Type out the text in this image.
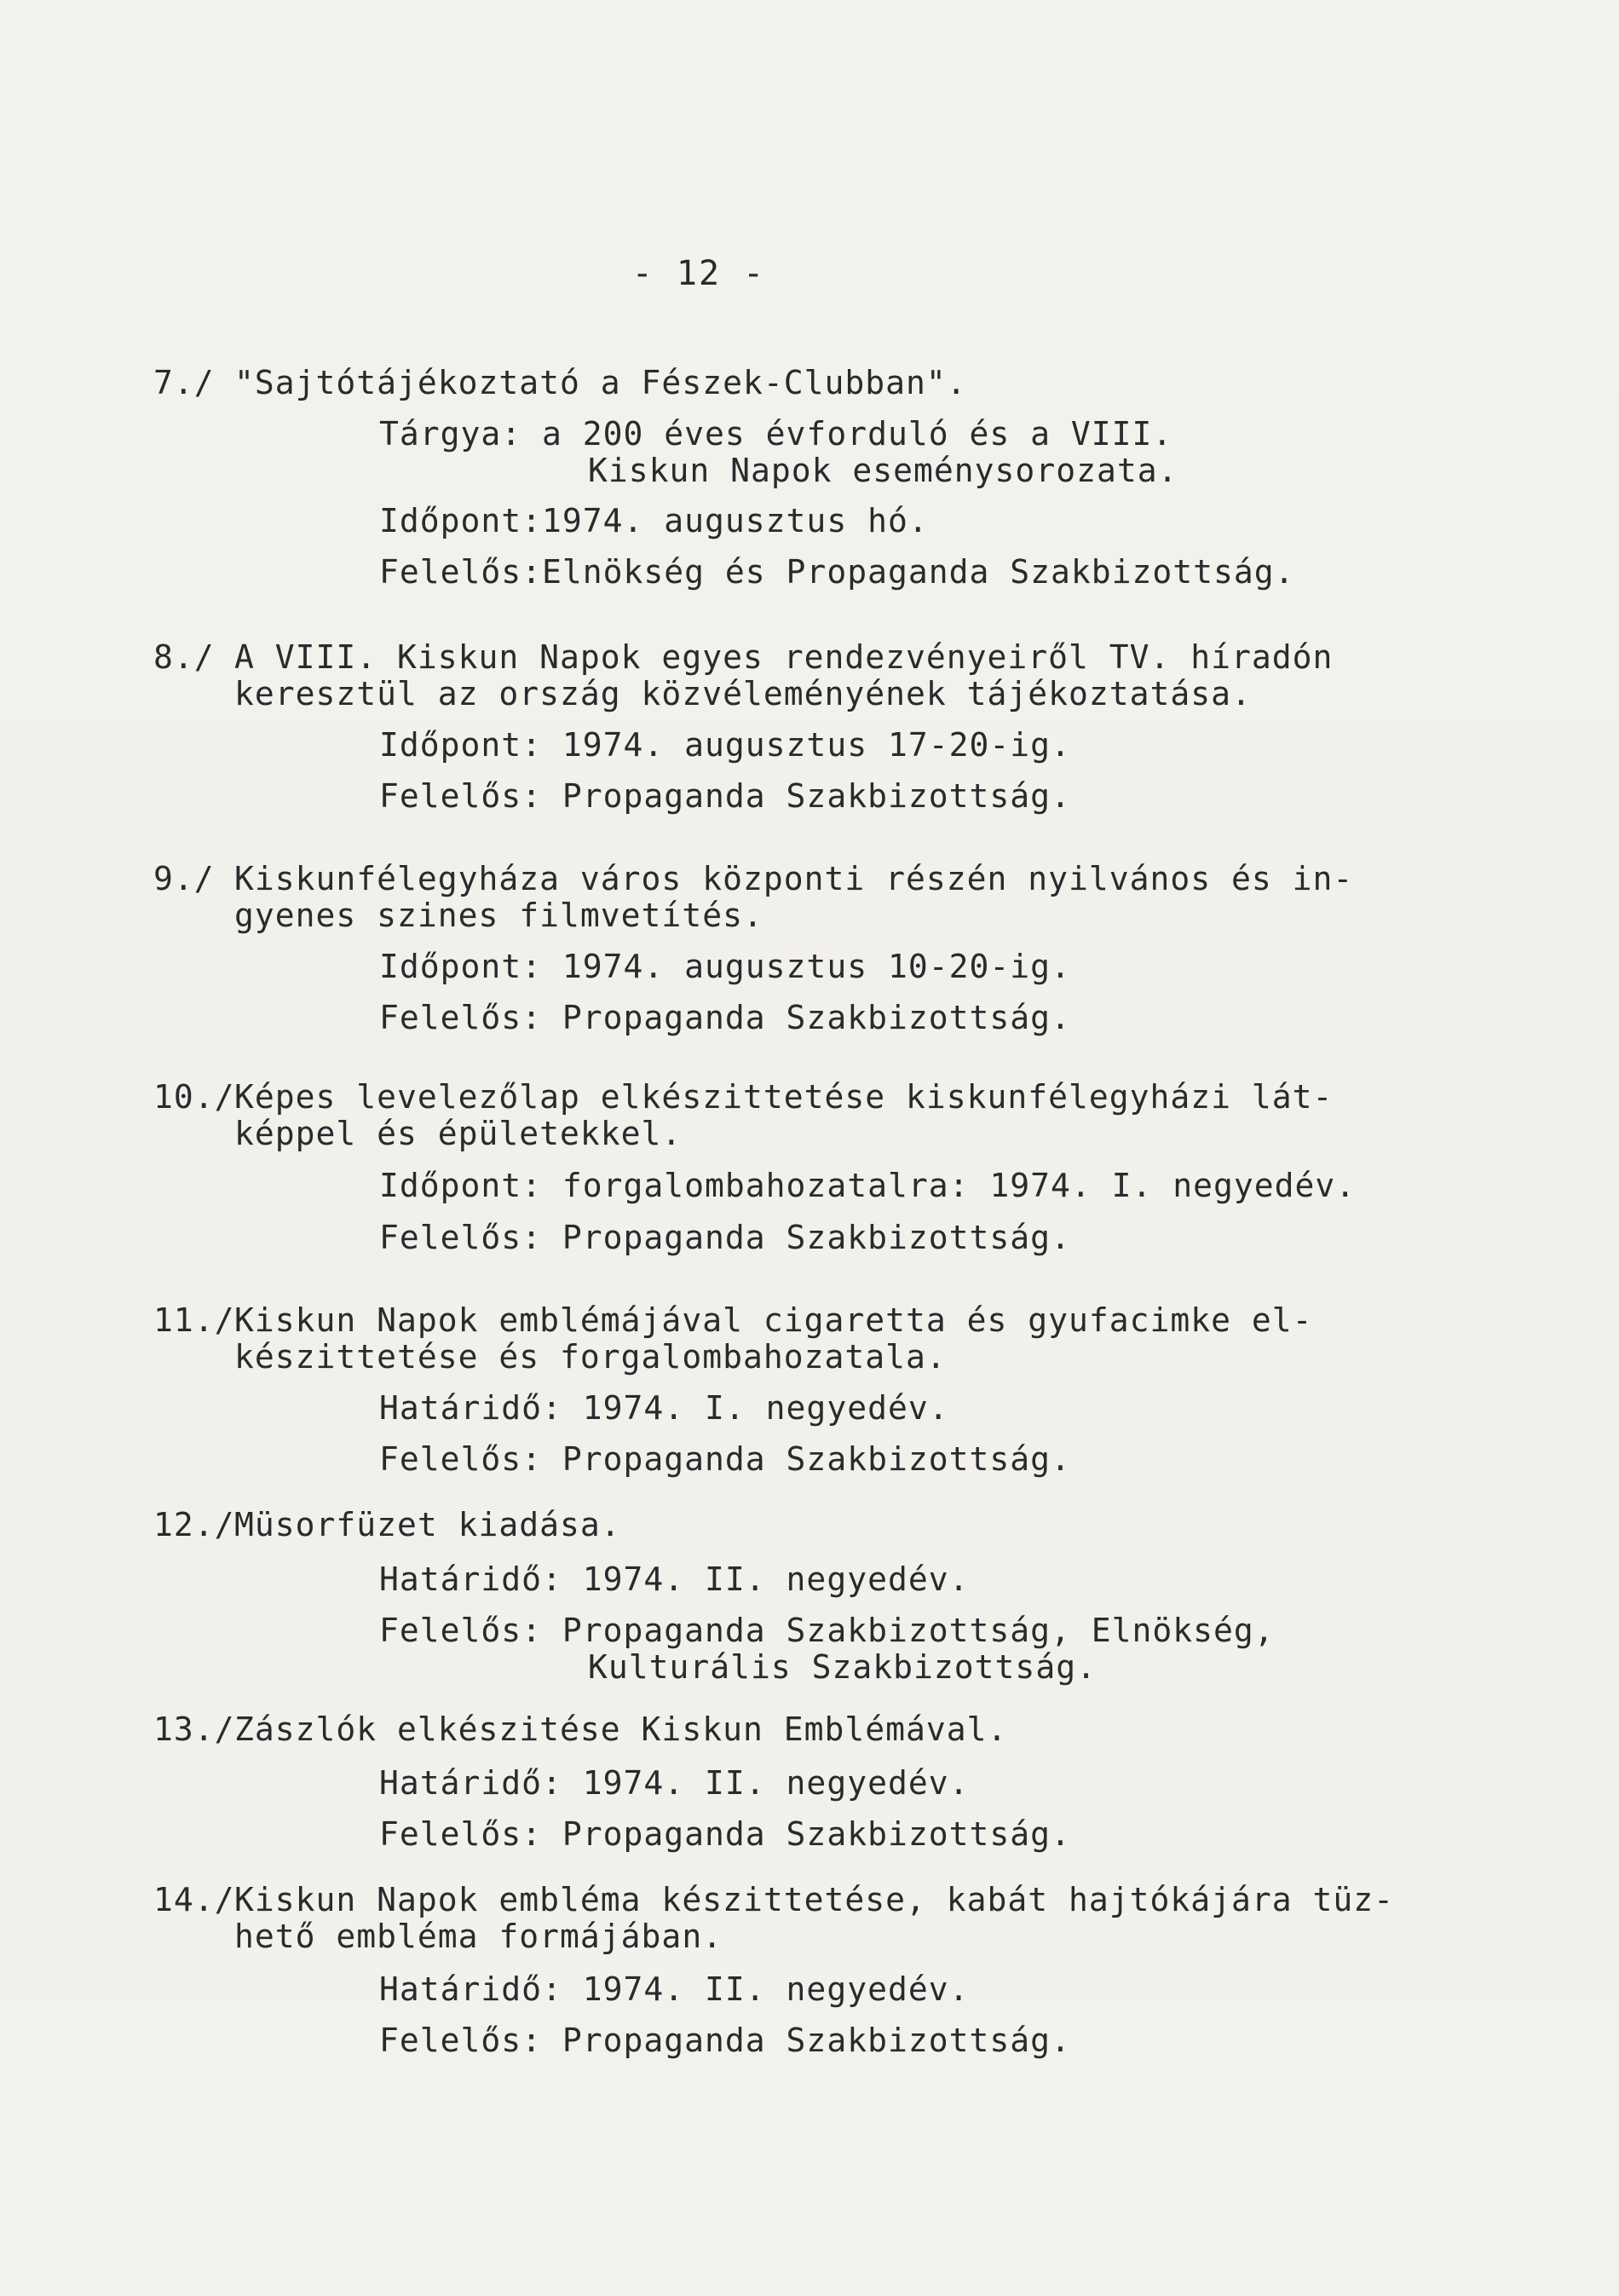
- 12 -
7./ "Sajtótájékoztató a Fészek-Clubban".
Tárgya: a 200 éves évforduló és a VIII.
Kiskun Napok eseménysorozata.
Időpont:1974. augusztus hó.
Felelős:Elnökség és Propaganda Szakbizottság.
8./ A VIII. Kiskun Napok egyes rendezvényeiről TV. híradón
keresztül az ország közvéleményének tájékoztatása.
Időpont: 1974. augusztus 17-20-ig.
Felelős: Propaganda Szakbizottság.
9./ Kiskunfélegyháza város központi részén nyilvános és in-
gyenes szines filmvetítés.
Időpont: 1974. augusztus 10-20-ig.
Felelős: Propaganda Szakbizottság.
10./ Képes levelezőlap elkészittetése kiskunfélegyházi lát-
képpel és épületekkel.
Időpont: forgalombahozatalra: 1974. I. negyedév.
Felelős: Propaganda Szakbizottság.
11./ Kiskun Napok emblémájával cigaretta és gyufacimke el-
készittetése és forgalombahozatala.
Határidő: 1974. I. negyedév.
Felelős: Propaganda Szakbizottság.
12./ Müsorfüzet kiadása.
Határidő: 1974. II. negyedév.
Felelős: Propaganda Szakbizottság, Elnökség,
Kulturális Szakbizottság.
13./ Zászlók elkészitése Kiskun Emblémával.
Határidő: 1974. II. negyedév.
Felelős: Propaganda Szakbizottság.
14./ Kiskun Napok embléma készittetése, kabát hajtókájára tüz-
hető embléma formájában.
Határidő: 1974. II. negyedév.
Felelős: Propaganda Szakbizottság.
